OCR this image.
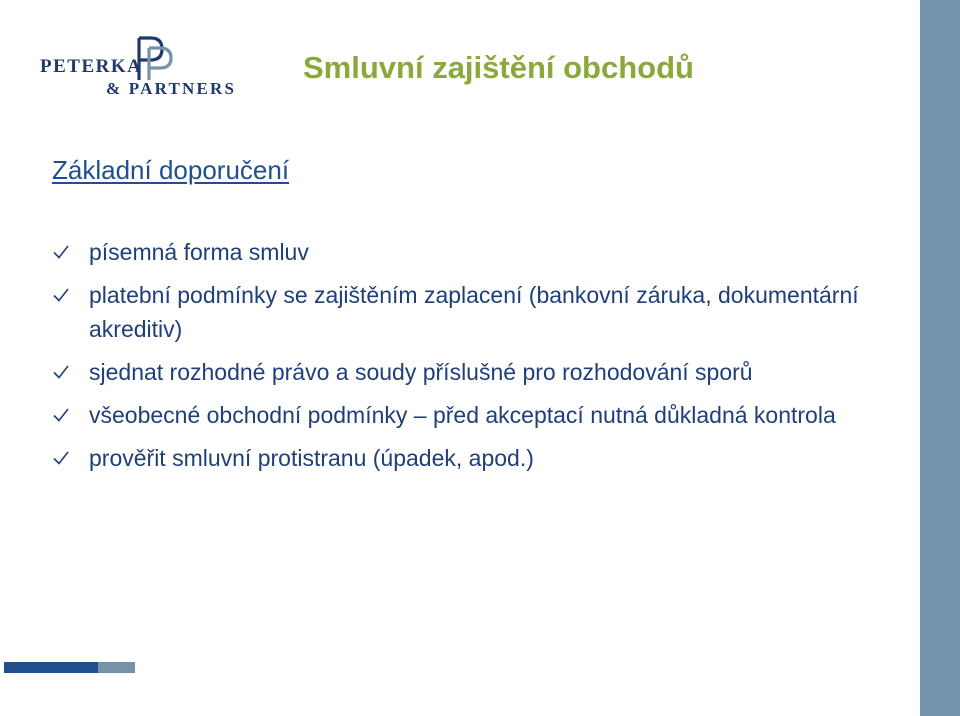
PETERKA
& PARTNERS
Smluvní zajištění obchodů
Základní doporučení
písemná forma smluv
platební podmínky se zajištěním zaplacení (bankovní záruka, dokumentární akreditiv)
sjednat rozhodné právo a soudy příslušné pro rozhodování sporů
všeobecné obchodní podmínky – před akceptací nutná důkladná kontrola
prověřit smluvní protistranu (úpadek, apod.)
